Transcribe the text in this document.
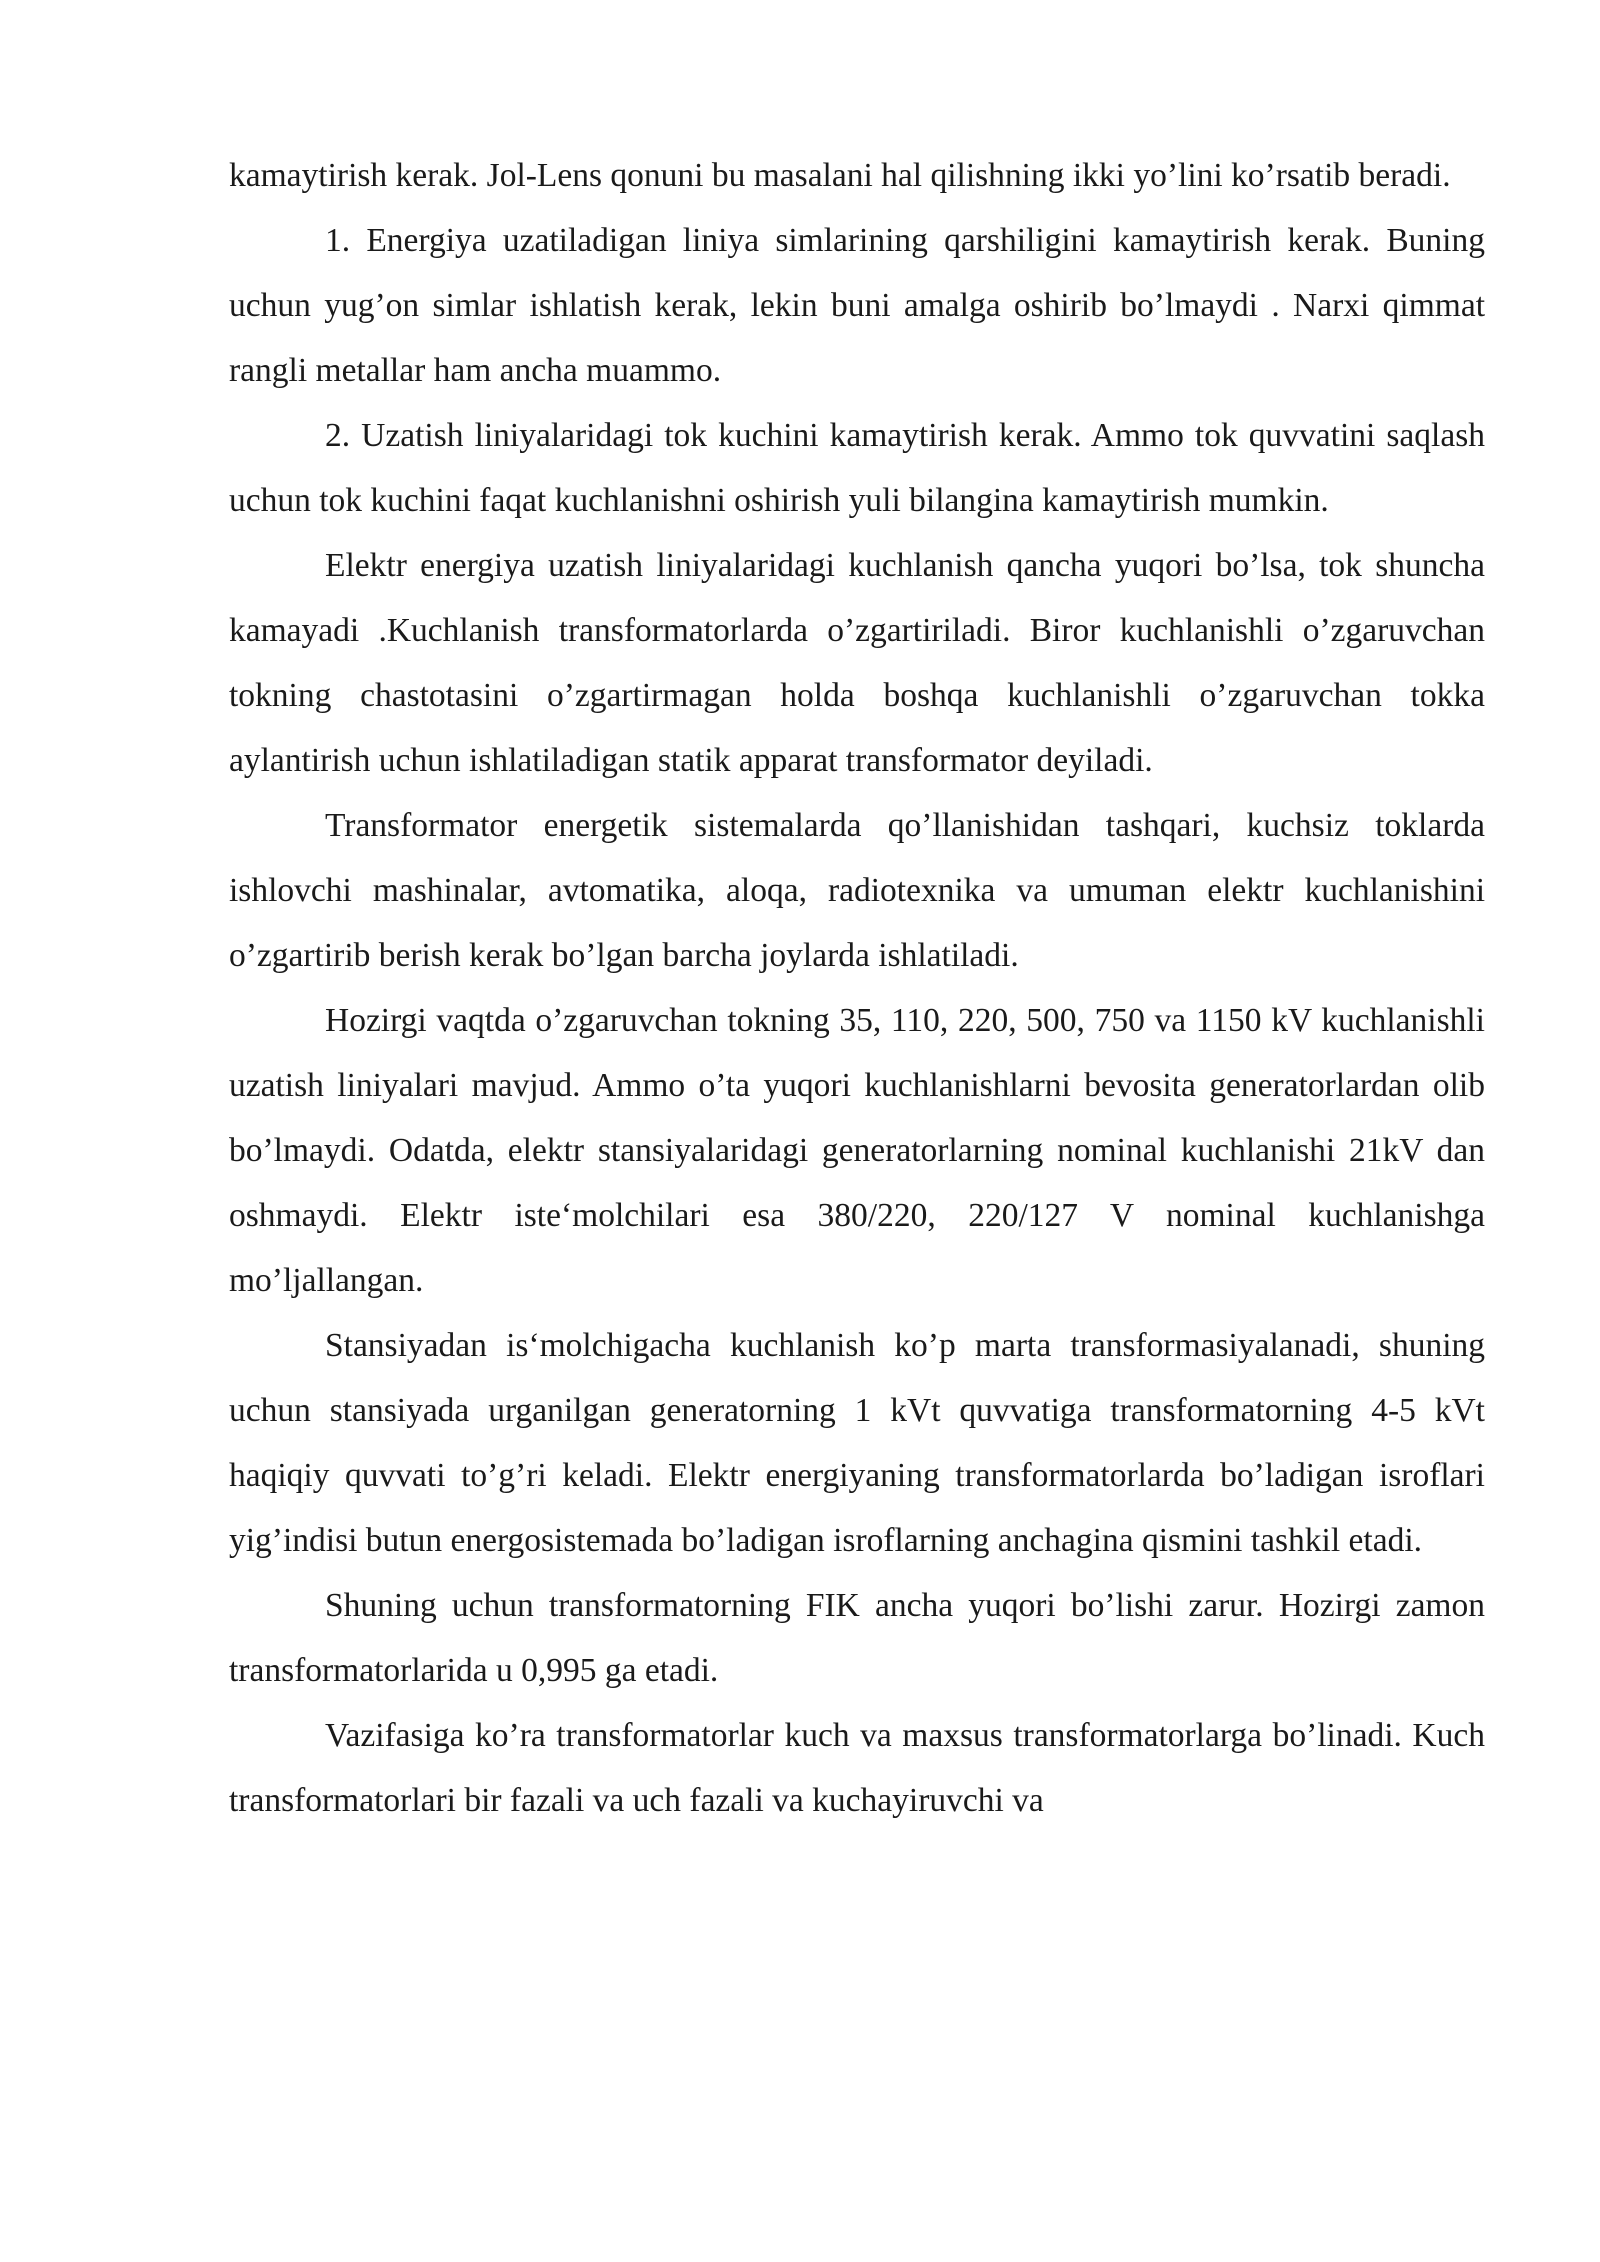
kamaytirish kerak. Jol-Lens qonuni bu masalani hal qilishning ikki yo’lini ko’rsatib beradi.

1. Energiya uzatiladigan liniya simlarining qarshiligini kamaytirish kerak. Buning uchun yug’on simlar ishlatish kerak, lekin buni amalga oshirib bo’lmaydi . Narxi qimmat rangli metallar ham ancha muammo.

2. Uzatish liniyalaridagi tok kuchini kamaytirish kerak. Ammo tok quvvatini saqlash uchun tok kuchini faqat kuchlanishni oshirish yuli bilangina kamaytirish mumkin.

Elektr energiya uzatish liniyalaridagi kuchlanish qancha yuqori bo’lsa, tok shuncha kamayadi .Kuchlanish transformatorlarda o’zgartiriladi. Biror kuchlanishli o’zgaruvchan tokning chastotasini o’zgartirmagan holda boshqa kuchlanishli o’zgaruvchan tokka aylantirish uchun ishlatiladigan statik apparat transformator deyiladi.

Transformator energetik sistemalarda qo’llanishidan tashqari, kuchsiz toklarda ishlovchi mashinalar, avtomatika, aloqa, radiotexnika va umuman elektr kuchlanishini o’zgartirib berish kerak bo’lgan barcha joylarda ishlatiladi.

Hozirgi vaqtda o’zgaruvchan tokning 35, 110, 220, 500, 750 va 1150 kV kuchlanishli uzatish liniyalari mavjud. Ammo o’ta yuqori kuchlanishlarni bevosita generatorlardan olib bo’lmaydi. Odatda, elektr stansiyalaridagi generatorlarning nominal kuchlanishi 21kV dan oshmaydi. Elektr iste‘molchilari esa 380/220, 220/127 V nominal kuchlanishga mo’ljallangan.

Stansiyadan is‘molchigacha kuchlanish ko’p marta transformasiyalanadi, shuning uchun stansiyada urganilgan generatorning 1 kVt quvvatiga transformatorning 4-5 kVt haqiqiy quvvati to’g’ri keladi. Elektr energiyaning transformatorlarda bo’ladigan isroflari yig’indisi butun energosistemada bo’ladigan isroflarning anchagina qismini tashkil etadi.

Shuning uchun transformatorning FIK ancha yuqori bo’lishi zarur. Hozirgi zamon transformatorlarida u 0,995 ga etadi.

Vazifasiga ko’ra transformatorlar kuch va maxsus transformatorlarga bo’linadi. Kuch transformatorlari bir fazali va uch fazali va kuchayiruvchi va
